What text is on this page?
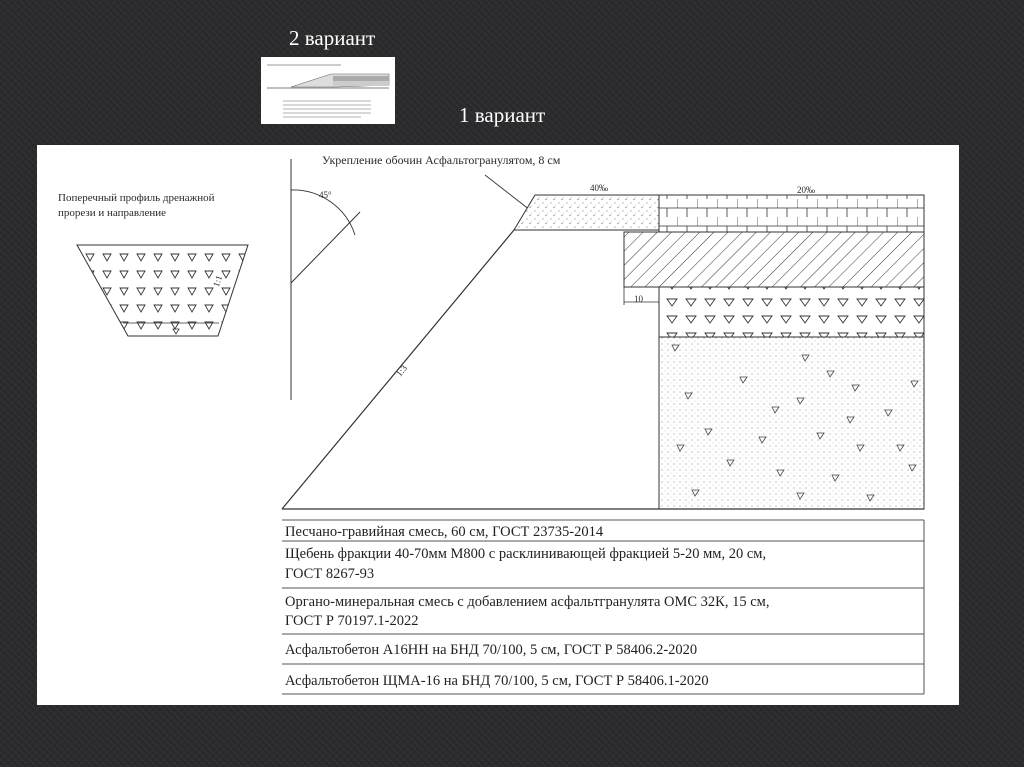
2 вариант
1 вариант
Поперечный профиль дренажной
прорези и направление
1:1
45°
Укрепление обочин Асфальтогранулятом, 8 см
40‰	20‰
1:3
10
Песчано-гравийная смесь, 60 см, ГОСТ 23735-2014
Щебень фракции 40-70мм М800 с расклинивающей фракцией 5-20 мм, 20 см,
ГОСТ 8267-93
Органо-минеральная смесь с добавлением асфальтгранулята ОМС 32К, 15 см,
ГОСТ Р 70197.1-2022
Асфальтобетон А16НН на БНД 70/100, 5 см, ГОСТ Р 58406.2-2020
Асфальтобетон ЩМА-16 на БНД 70/100, 5 см, ГОСТ Р 58406.1-2020
